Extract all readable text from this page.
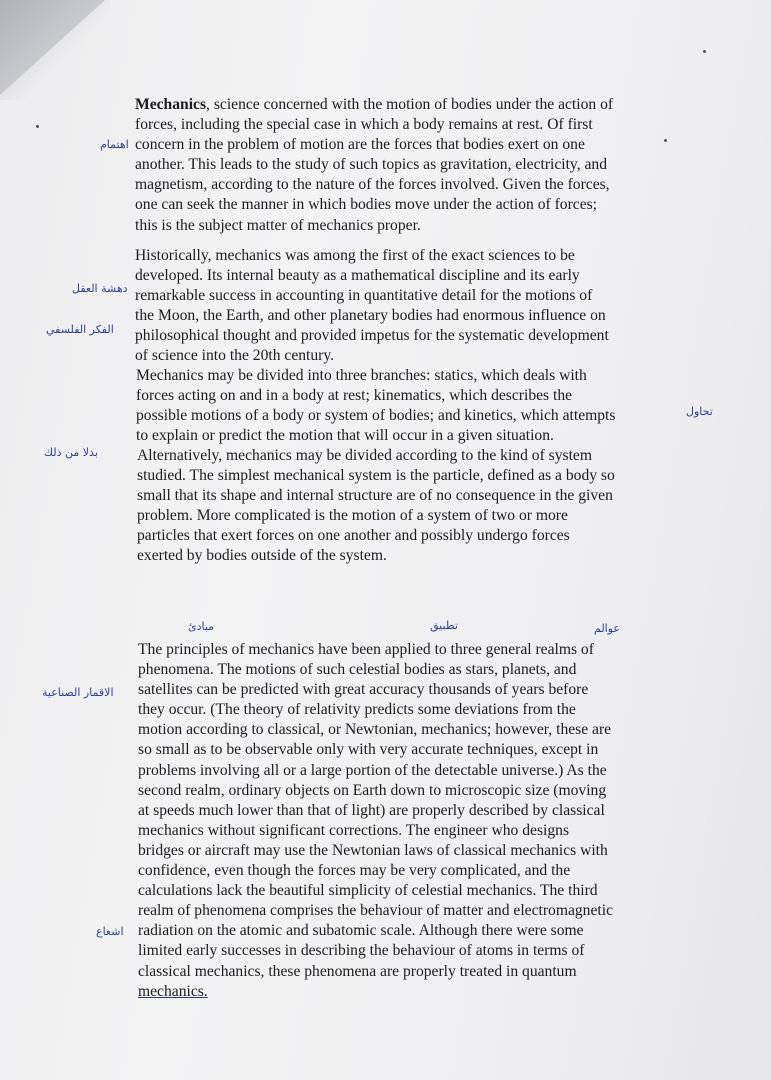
Mechanics, science concerned with the motion of bodies under the action of
forces, including the special case in which a body remains at rest. Of first
concern in the problem of motion are the forces that bodies exert on one
another. This leads to the study of such topics as gravitation, electricity, and
magnetism, according to the nature of the forces involved. Given the forces,
one can seek the manner in which bodies move under the action of forces;
this is the subject matter of mechanics proper.
Historically, mechanics was among the first of the exact sciences to be
developed. Its internal beauty as a mathematical discipline and its early
remarkable success in accounting in quantitative detail for the motions of
the Moon, the Earth, and other planetary bodies had enormous influence on
philosophical thought and provided impetus for the systematic development
of science into the 20th century.
Mechanics may be divided into three branches: statics, which deals with
forces acting on and in a body at rest; kinematics, which describes the
possible motions of a body or system of bodies; and kinetics, which attempts
to explain or predict the motion that will occur in a given situation.
Alternatively, mechanics may be divided according to the kind of system
studied. The simplest mechanical system is the particle, defined as a body so
small that its shape and internal structure are of no consequence in the given
problem. More complicated is the motion of a system of two or more
particles that exert forces on one another and possibly undergo forces
exerted by bodies outside of the system.
The principles of mechanics have been applied to three general realms of
phenomena. The motions of such celestial bodies as stars, planets, and
satellites can be predicted with great accuracy thousands of years before
they occur. (The theory of relativity predicts some deviations from the
motion according to classical, or Newtonian, mechanics; however, these are
so small as to be observable only with very accurate techniques, except in
problems involving all or a large portion of the detectable universe.) As the
second realm, ordinary objects on Earth down to microscopic size (moving
at speeds much lower than that of light) are properly described by classical
mechanics without significant corrections. The engineer who designs
bridges or aircraft may use the Newtonian laws of classical mechanics with
confidence, even though the forces may be very complicated, and the
calculations lack the beautiful simplicity of celestial mechanics. The third
realm of phenomena comprises the behaviour of matter and electromagnetic
radiation on the atomic and subatomic scale. Although there were some
limited early successes in describing the behaviour of atoms in terms of
classical mechanics, these phenomena are properly treated in quantum
mechanics.
اهتمام
دهشة العقل
الفكر الفلسفي
تحاول
بدلا من ذلك
الاقمار الصناعية
اشعاع
مبادئ	تطبيق	عوالم
